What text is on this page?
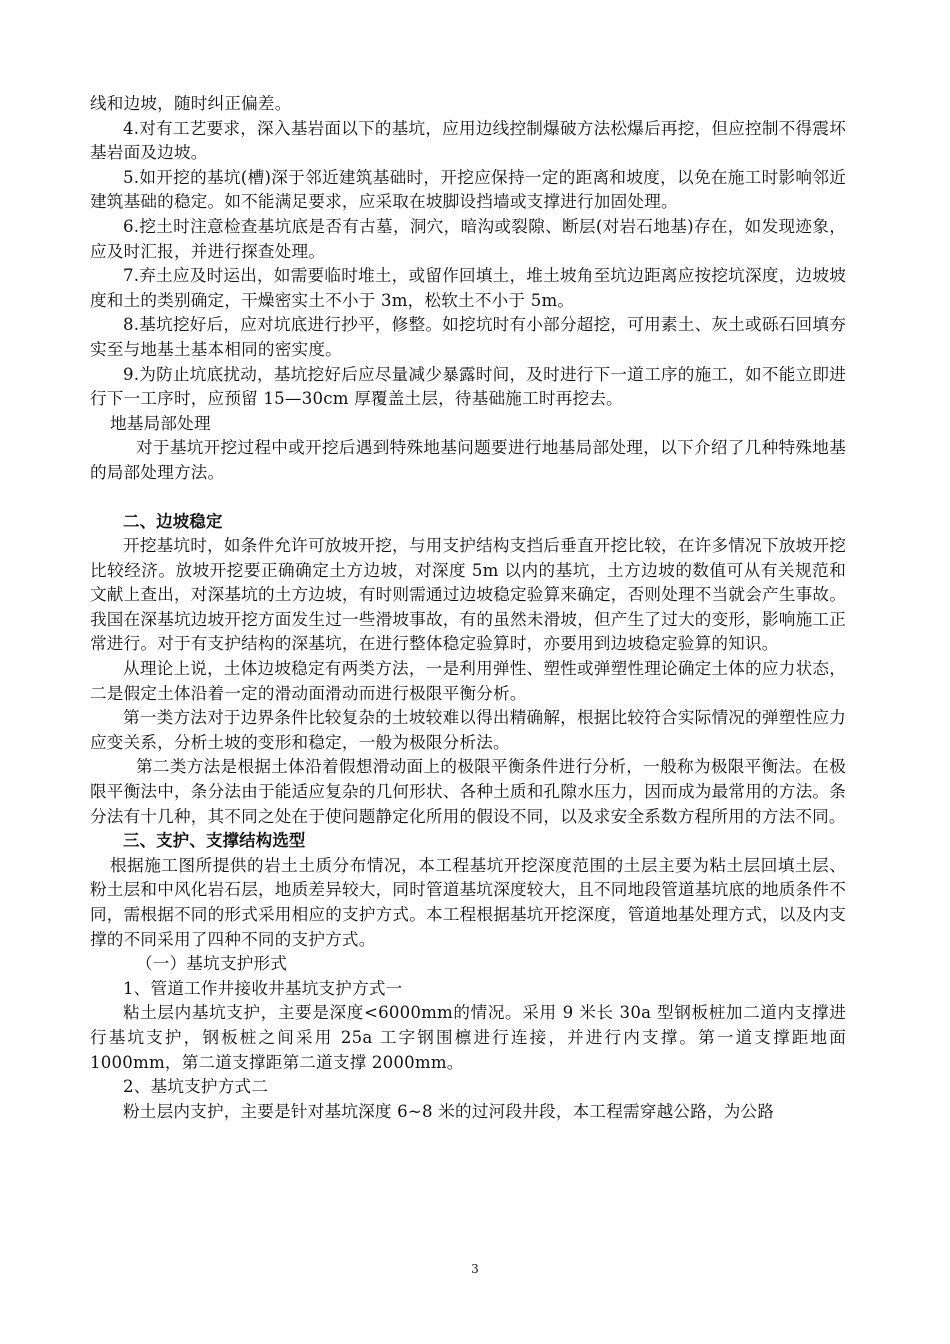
线和边坡，随时纠正偏差。

4.对有工艺要求，深入基岩面以下的基坑，应用边线控制爆破方法松爆后再挖，但应控制不得震坏基岩面及边坡。

5.如开挖的基坑(槽)深于邻近建筑基础时，开挖应保持一定的距离和坡度，以免在施工时影响邻近建筑基础的稳定。如不能满足要求，应采取在坡脚设挡墙或支撑进行加固处理。

6.挖土时注意检查基坑底是否有古墓，洞穴，暗沟或裂隙、断层(对岩石地基)存在，如发现迹象，应及时汇报，并进行探查处理。

7.弃土应及时运出，如需要临时堆土，或留作回填土，堆土坡角至坑边距离应按挖坑深度，边坡坡度和土的类别确定，干燥密实土不小于 3m，松软土不小于 5m。

8.基坑挖好后，应对坑底进行抄平，修整。如挖坑时有小部分超挖，可用素土、灰土或砾石回填夯实至与地基土基本相同的密实度。

9.为防止坑底扰动，基坑挖好后应尽量减少暴露时间，及时进行下一道工序的施工，如不能立即进行下一工序时，应预留 15—30cm 厚覆盖土层，待基础施工时再挖去。

地基局部处理

对于基坑开挖过程中或开挖后遇到特殊地基问题要进行地基局部处理，以下介绍了几种特殊地基的局部处理方法。

二、边坡稳定

开挖基坑时，如条件允许可放坡开挖，与用支护结构支挡后垂直开挖比较，在许多情况下放坡开挖比较经济。放坡开挖要正确确定土方边坡，对深度 5m 以内的基坑，土方边坡的数值可从有关规范和文献上查出，对深基坑的土方边坡，有时则需通过边坡稳定验算来确定，否则处理不当就会产生事故。我国在深基坑边坡开挖方面发生过一些滑坡事故，有的虽然未滑坡，但产生了过大的变形，影响施工正常进行。对于有支护结构的深基坑，在进行整体稳定验算时，亦要用到边坡稳定验算的知识。

从理论上说，土体边坡稳定有两类方法，一是利用弹性、塑性或弹塑性理论确定土体的应力状态，二是假定土体沿着一定的滑动面滑动而进行极限平衡分析。

第一类方法对于边界条件比较复杂的土坡较难以得出精确解，根据比较符合实际情况的弹塑性应力应变关系，分析土坡的变形和稳定，一般为极限分析法。

第二类方法是根据土体沿着假想滑动面上的极限平衡条件进行分析，一般称为极限平衡法。在极限平衡法中，条分法由于能适应复杂的几何形状、各种土质和孔隙水压力，因而成为最常用的方法。条分法有十几种，其不同之处在于使问题静定化所用的假设不同，以及求安全系数方程所用的方法不同。

三、支护、支撑结构选型

根据施工图所提供的岩土土质分布情况，本工程基坑开挖深度范围的土层主要为粘土层回填土层、粉土层和中风化岩石层，地质差异较大，同时管道基坑深度较大，且不同地段管道基坑底的地质条件不同，需根据不同的形式采用相应的支护方式。本工程根据基坑开挖深度，管道地基处理方式，以及内支撑的不同采用了四种不同的支护方式。

（一）基坑支护形式

1、管道工作井接收井基坑支护方式一

粘土层内基坑支护，主要是深度<6000mm的情况。采用 9 米长 30a 型钢板桩加二道内支撑进行基坑支护，钢板桩之间采用 25a 工字钢围檩进行连接，并进行内支撑。第一道支撑距地面 1000mm，第二道支撑距第二道支撑 2000mm。

2、基坑支护方式二

粉土层内支护，主要是针对基坑深度 6~8 米的过河段井段，本工程需穿越公路，为公路

3
